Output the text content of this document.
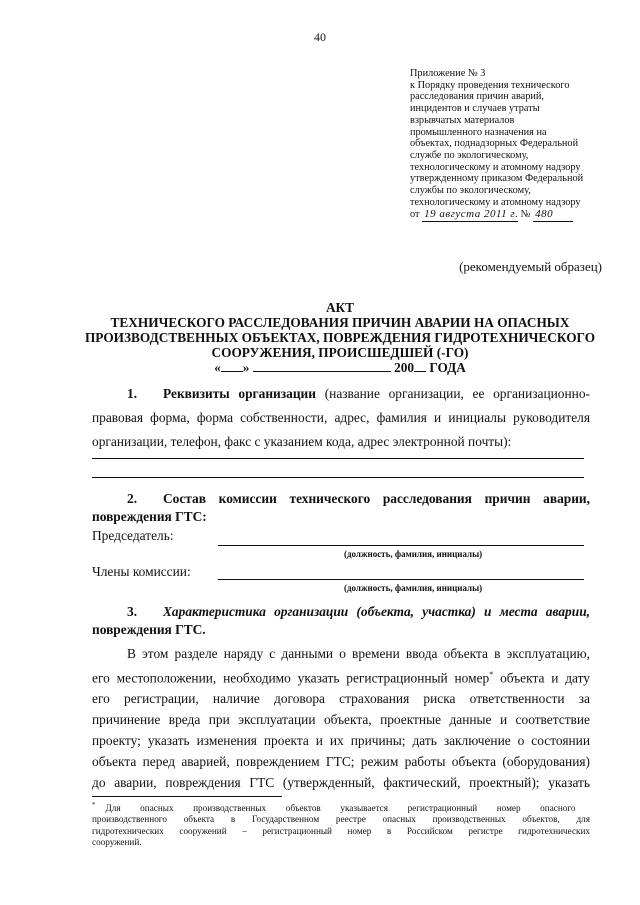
40
Приложение № 3
к Порядку проведения технического
расследования причин аварий,
инцидентов и случаев утраты
взрывчатых материалов
промышленного назначения на
объектах, поднадзорных Федеральной
службе по экологическому,
технологическому и атомному надзору
утвержденному приказом Федеральной
службы по экологическому,
технологическому и атомному надзору
от 19 августа 2011 г. № 480
(рекомендуемый образец)
АКТ
ТЕХНИЧЕСКОГО РАССЛЕДОВАНИЯ ПРИЧИН АВАРИИ НА ОПАСНЫХ
ПРОИЗВОДСТВЕННЫХ ОБЪЕКТАХ, ПОВРЕЖДЕНИЯ ГИДРОТЕХНИЧЕСКОГО
СООРУЖЕНИЯ, ПРОИСШЕДШЕЙ (-ГО)
« »	200 ГОДА
1. Реквизиты организации (название организации, ее организационно-
правовая форма, форма собственности, адрес, фамилия и инициалы руководителя
организации, телефон, факс с указанием кода, адрес электронной почты):
2. Состав комиссии технического расследования причин аварии,
повреждения ГТС:
Председатель:
(должность, фамилия, инициалы)
Члены комиссии:
(должность, фамилия, инициалы)
3. Характеристика организации (объекта, участка) и места аварии,
повреждения ГТС.
В этом разделе наряду с данными о времени ввода объекта в эксплуатацию,
его местоположении, необходимо указать регистрационный номер* объекта и дату
его регистрации, наличие договора страхования риска ответственности за
причинение вреда при эксплуатации объекта, проектные данные и соответствие
проекту; указать изменения проекта и их причины; дать заключение о состоянии
объекта перед аварией, повреждением ГТС; режим работы объекта (оборудования)
до аварии, повреждения ГТС (утвержденный, фактический, проектный); указать
* Для опасных производственных объектов указывается регистрационный номер опасного
производственного объекта в Государственном реестре опасных производственных объектов, для
гидротехнических сооружений – регистрационный номер в Российском регистре гидротехнических
сооружений.
